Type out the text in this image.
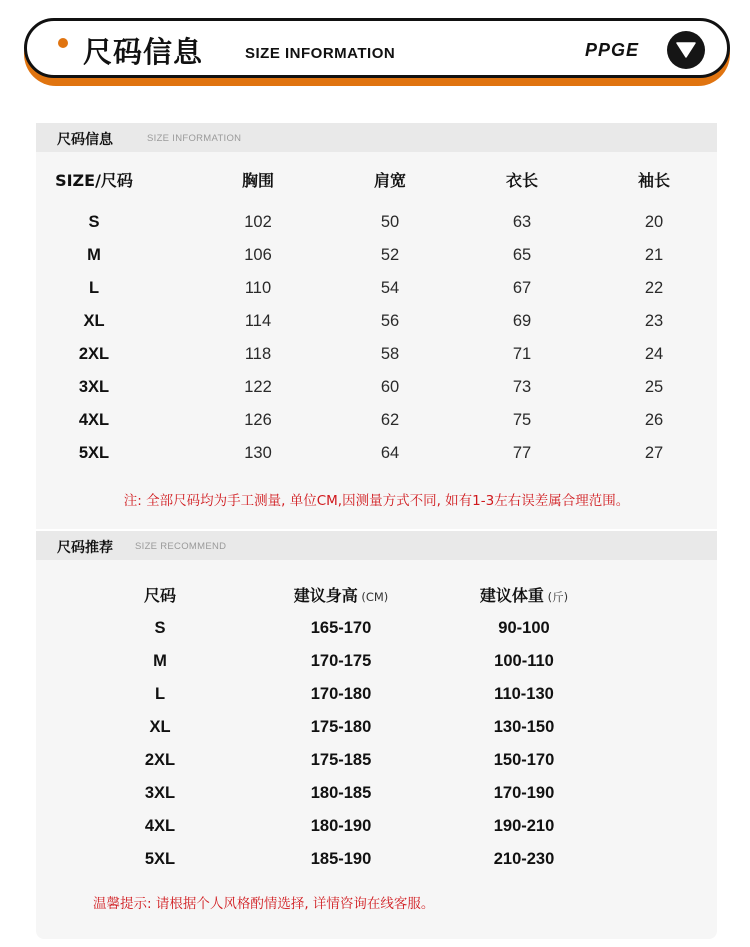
尺码信息	SIZE INFORMATION	PPGE
尺码信息	SIZE INFORMATION
SIZE/尺码	胸围	肩宽	衣长	袖长
S	102	50	63	20
M	106	52	65	21
L	110	54	67	22
XL	114	56	69	23
2XL	118	58	71	24
3XL	122	60	73	25
4XL	126	62	75	26
5XL	130	64	77	27
注: 全部尺码均为手工测量, 单位CM,因测量方式不同, 如有1-3左右误差属合理范围。
尺码推荐 SIZE RECOMMEND
尺码	建议身高 (CM)	建议体重 (斤)
S	165-170	90-100
M	170-175	100-110
L	170-180	110-130
XL	175-180	130-150
2XL	175-185	150-170
3XL	180-185	170-190
4XL	180-190	190-210
5XL	185-190	210-230
温馨提示: 请根据个人风格酌情选择, 详情咨询在线客服。
